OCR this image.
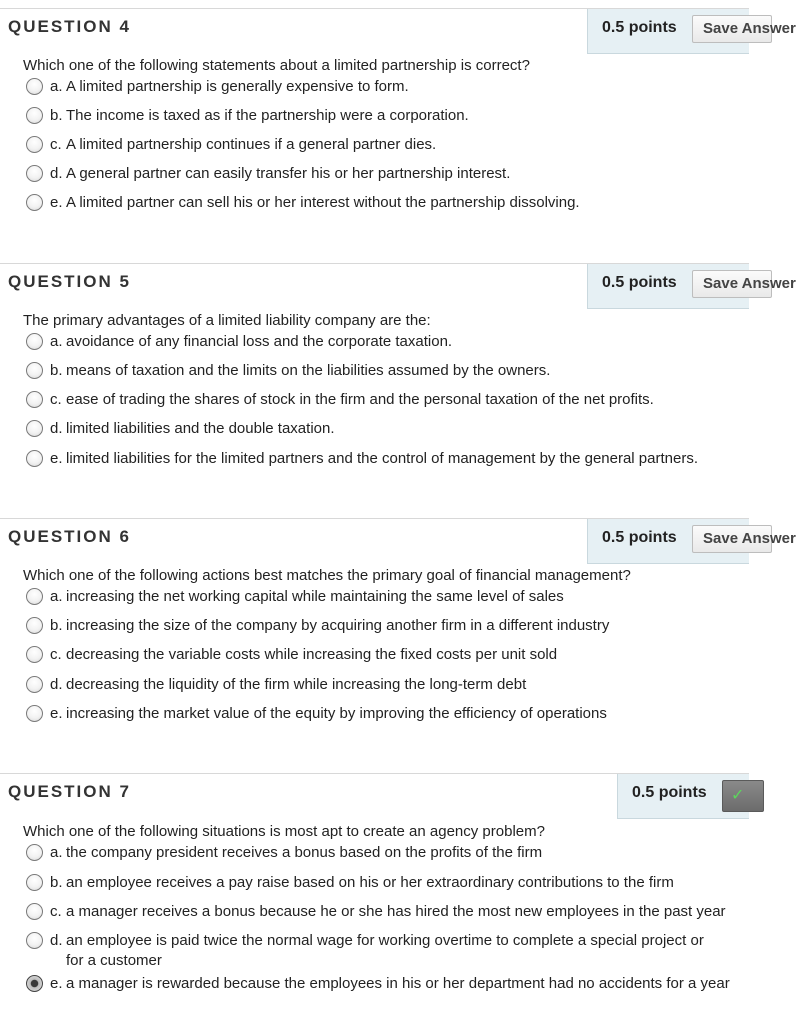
QUESTION 4	0.5 points	Save Answer
Which one of the following statements about a limited partnership is correct?
a. A limited partnership is generally expensive to form.
b. The income is taxed as if the partnership were a corporation.
c. A limited partnership continues if a general partner dies.
d. A general partner can easily transfer his or her partnership interest.
e. A limited partner can sell his or her interest without the partnership dissolving.
QUESTION 5	0.5 points	Save Answer
The primary advantages of a limited liability company are the:
a. avoidance of any financial loss and the corporate taxation.
b. means of taxation and the limits on the liabilities assumed by the owners.
c. ease of trading the shares of stock in the firm and the personal taxation of the net profits.
d. limited liabilities and the double taxation.
e. limited liabilities for the limited partners and the control of management by the general partners.
QUESTION 6	0.5 points	Save Answer
Which one of the following actions best matches the primary goal of financial management?
a. increasing the net working capital while maintaining the same level of sales
b. increasing the size of the company by acquiring another firm in a different industry
c. decreasing the variable costs while increasing the fixed costs per unit sold
d. decreasing the liquidity of the firm while increasing the long-term debt
e. increasing the market value of the equity by improving the efficiency of operations
QUESTION 7	0.5 points ✓
Which one of the following situations is most apt to create an agency problem?
a. the company president receives a bonus based on the profits of the firm
b. an employee receives a pay raise based on his or her extraordinary contributions to the firm
c. a manager receives a bonus because he or she has hired the most new employees in the past year
d. an employee is paid twice the normal wage for working overtime to complete a special project or
for a customer
e. a manager is rewarded because the employees in his or her department had no accidents for a year
